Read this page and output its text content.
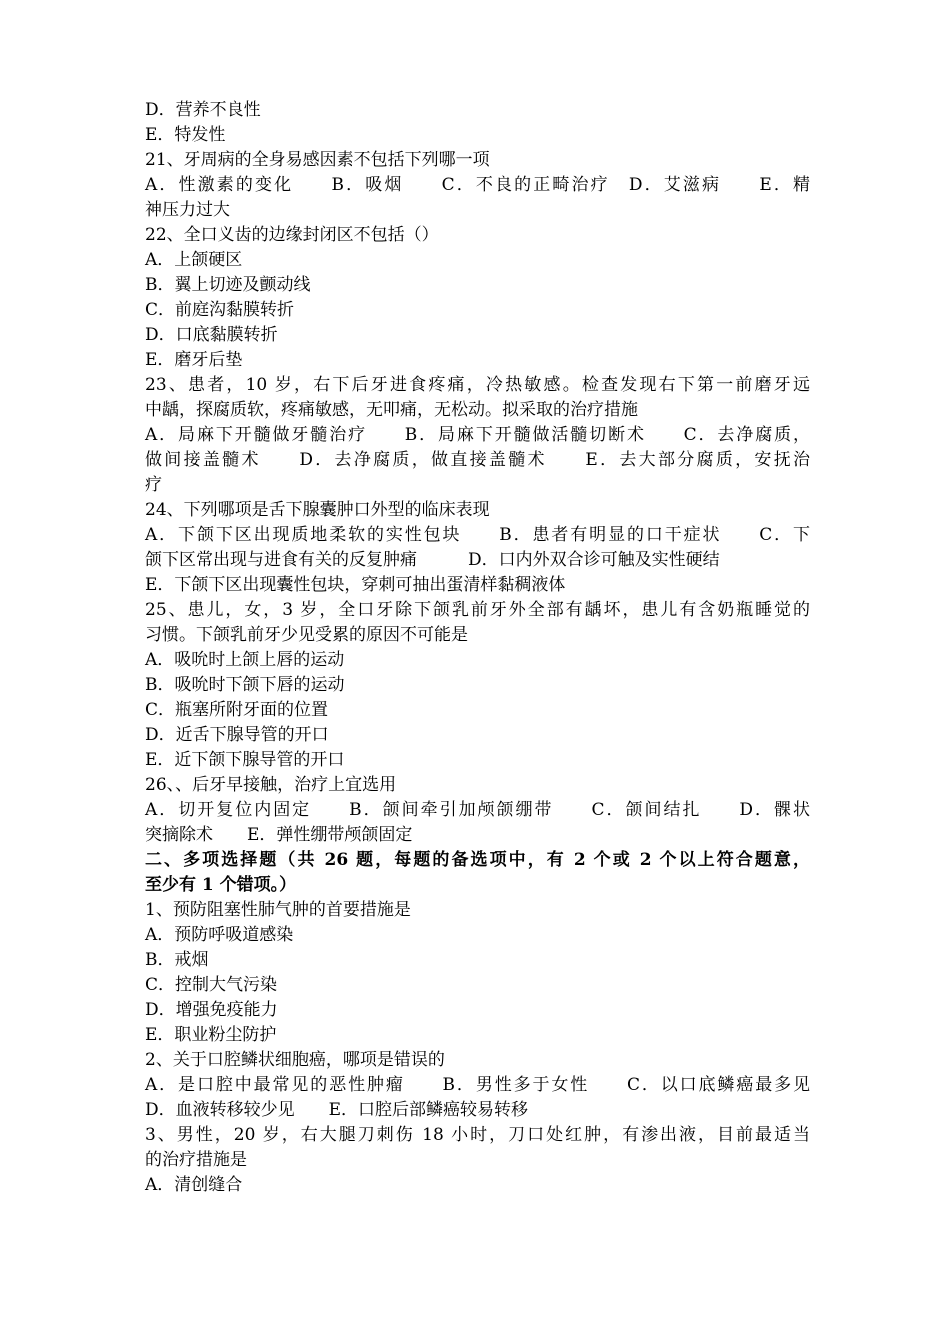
D．营养不良性
E．特发性
21、牙周病的全身易感因素不包括下列哪一项
A．性激素的变化　　B．吸烟　　C．不良的正畸治疗　D．艾滋病　　E．精
神压力过大
22、全口义齿的边缘封闭区不包括（）
A．上颌硬区
B．翼上切迹及颤动线
C．前庭沟黏膜转折
D．口底黏膜转折
E．磨牙后垫
23、患者，10 岁，右下后牙进食疼痛，冷热敏感。检查发现右下第一前磨牙远
中龋，探腐质软，疼痛敏感，无叩痛，无松动。拟采取的治疗措施
A．局麻下开髓做牙髓治疗　　B．局麻下开髓做活髓切断术　　C．去净腐质，
做间接盖髓术　　D．去净腐质，做直接盖髓术　　E．去大部分腐质，安抚治
疗
24、下列哪项是舌下腺囊肿口外型的临床表现
A．下颌下区出现质地柔软的实性包块　　B．患者有明显的口干症状　　C．下
颌下区常出现与进食有关的反复肿痛　　　D．口内外双合诊可触及实性硬结
E．下颌下区出现囊性包块，穿刺可抽出蛋清样黏稠液体
25、患儿，女，3 岁，全口牙除下颌乳前牙外全部有龋坏，患儿有含奶瓶睡觉的
习惯。下颌乳前牙少见受累的原因不可能是
A．吸吮时上颌上唇的运动
B．吸吮时下颌下唇的运动
C．瓶塞所附牙面的位置
D．近舌下腺导管的开口
E．近下颌下腺导管的开口
26、、后牙早接触，治疗上宜选用
A．切开复位内固定　　B．颌间牵引加颅颌绷带　　C．颌间结扎　　D．髁状
突摘除术　　E．弹性绷带颅颌固定
二、多项选择题（共 26 题，每题的备选项中，有 2 个或 2 个以上符合题意，
至少有 1 个错项。）
1、预防阻塞性肺气肿的首要措施是
A．预防呼吸道感染
B．戒烟
C．控制大气污染
D．增强免疫能力
E．职业粉尘防护
2、关于口腔鳞状细胞癌，哪项是错误的
A．是口腔中最常见的恶性肿瘤　　B．男性多于女性　　C．以口底鳞癌最多见
D．血液转移较少见　　E．口腔后部鳞癌较易转移
3、男性，20 岁，右大腿刀刺伤 18 小时，刀口处红肿，有渗出液，目前最适当
的治疗措施是
A．清创缝合
